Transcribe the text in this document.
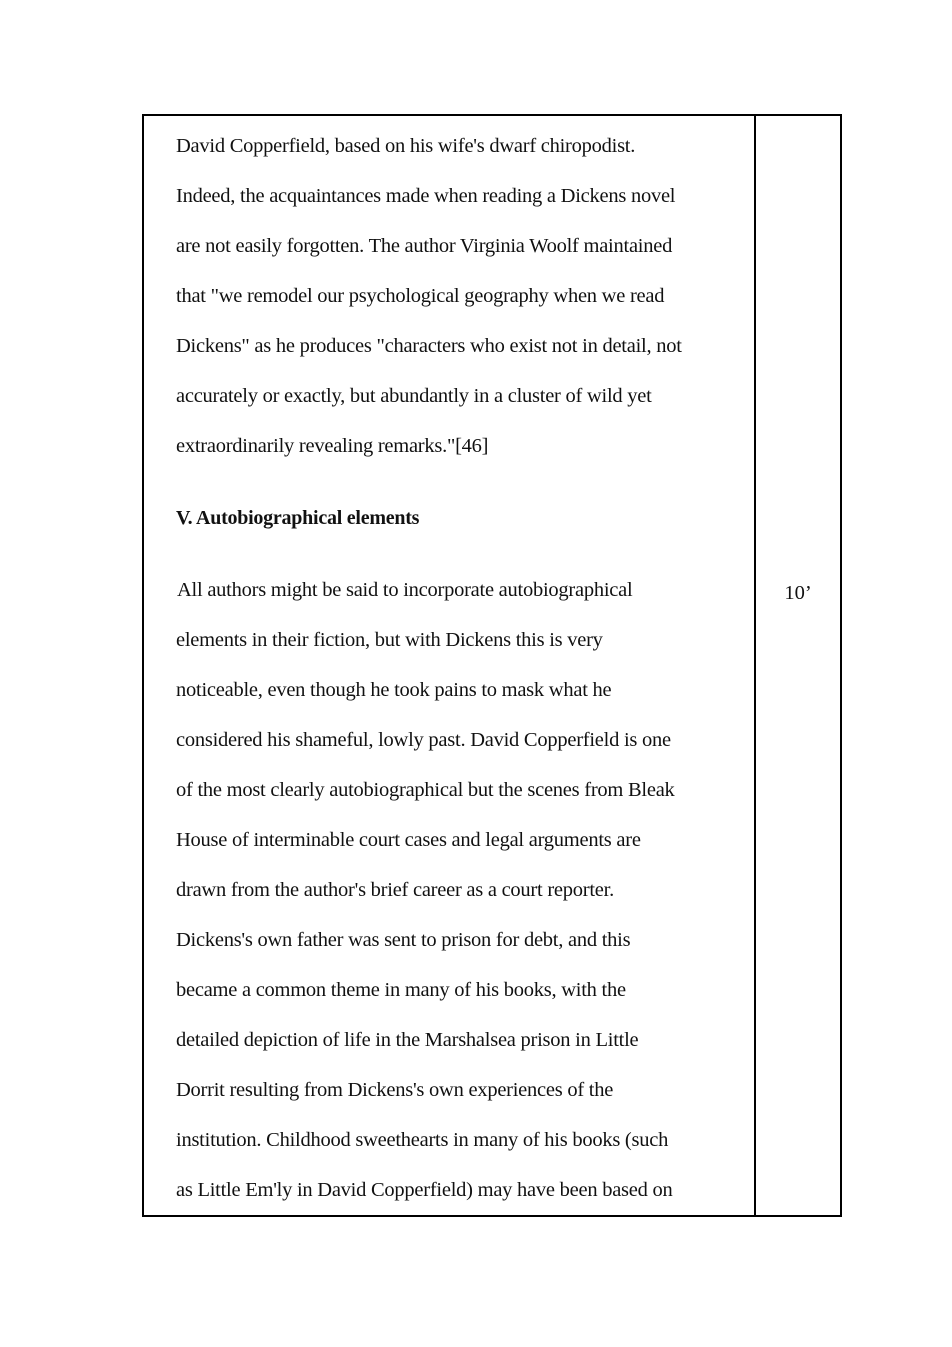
David Copperfield, based on his wife's dwarf chiropodist.
Indeed, the acquaintances made when reading a Dickens novel
are not easily forgotten. The author Virginia Woolf maintained
that "we remodel our psychological geography when we read
Dickens" as he produces "characters who exist not in detail, not
accurately or exactly, but abundantly in a cluster of wild yet
extraordinarily revealing remarks."[46]
V. Autobiographical elements
All authors might be said to incorporate autobiographical
elements in their fiction, but with Dickens this is very
noticeable, even though he took pains to mask what he
considered his shameful, lowly past. David Copperfield is one
of the most clearly autobiographical but the scenes from Bleak
House of interminable court cases and legal arguments are
drawn from the author's brief career as a court reporter.
Dickens's own father was sent to prison for debt, and this
became a common theme in many of his books, with the
detailed depiction of life in the Marshalsea prison in Little
Dorrit resulting from Dickens's own experiences of the
institution. Childhood sweethearts in many of his books (such
as Little Em'ly in David Copperfield) may have been based on
10’
